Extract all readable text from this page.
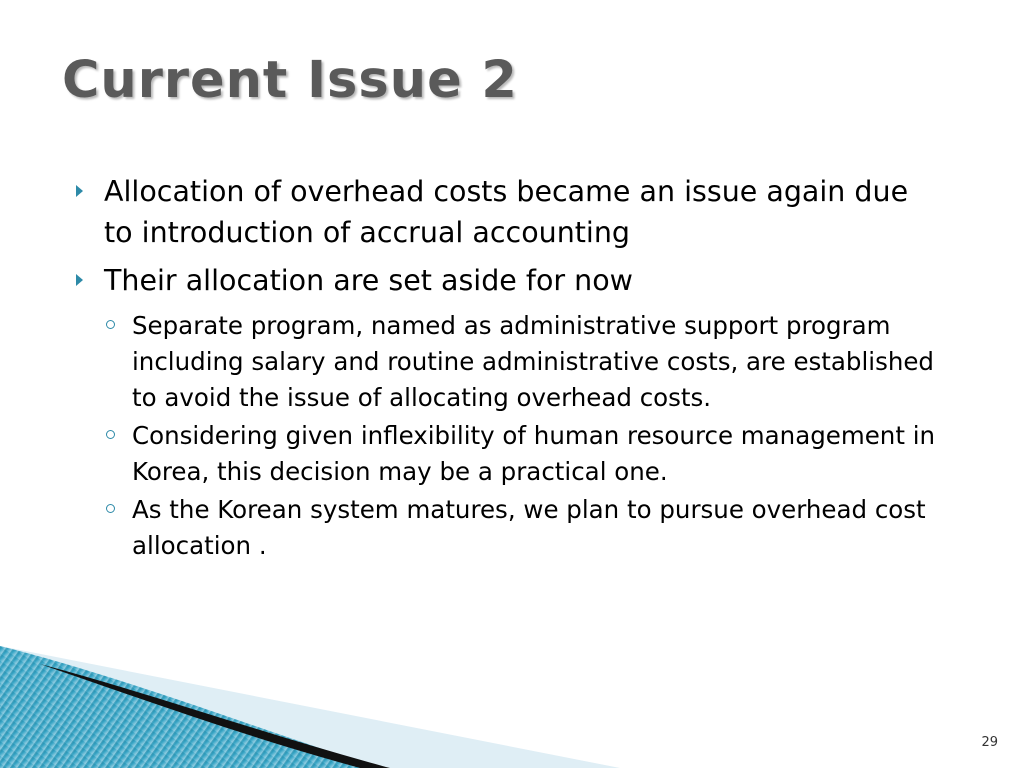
Current Issue 2
Allocation of overhead costs became an issue again due to introduction of accrual accounting
Their allocation are set aside for now
Separate program, named as administrative support program including salary and routine administrative costs, are established to avoid the issue of allocating overhead costs.
Considering given inflexibility of human resource management in Korea, this decision may be a practical one.
As the Korean system matures, we plan to pursue overhead cost allocation .
29
